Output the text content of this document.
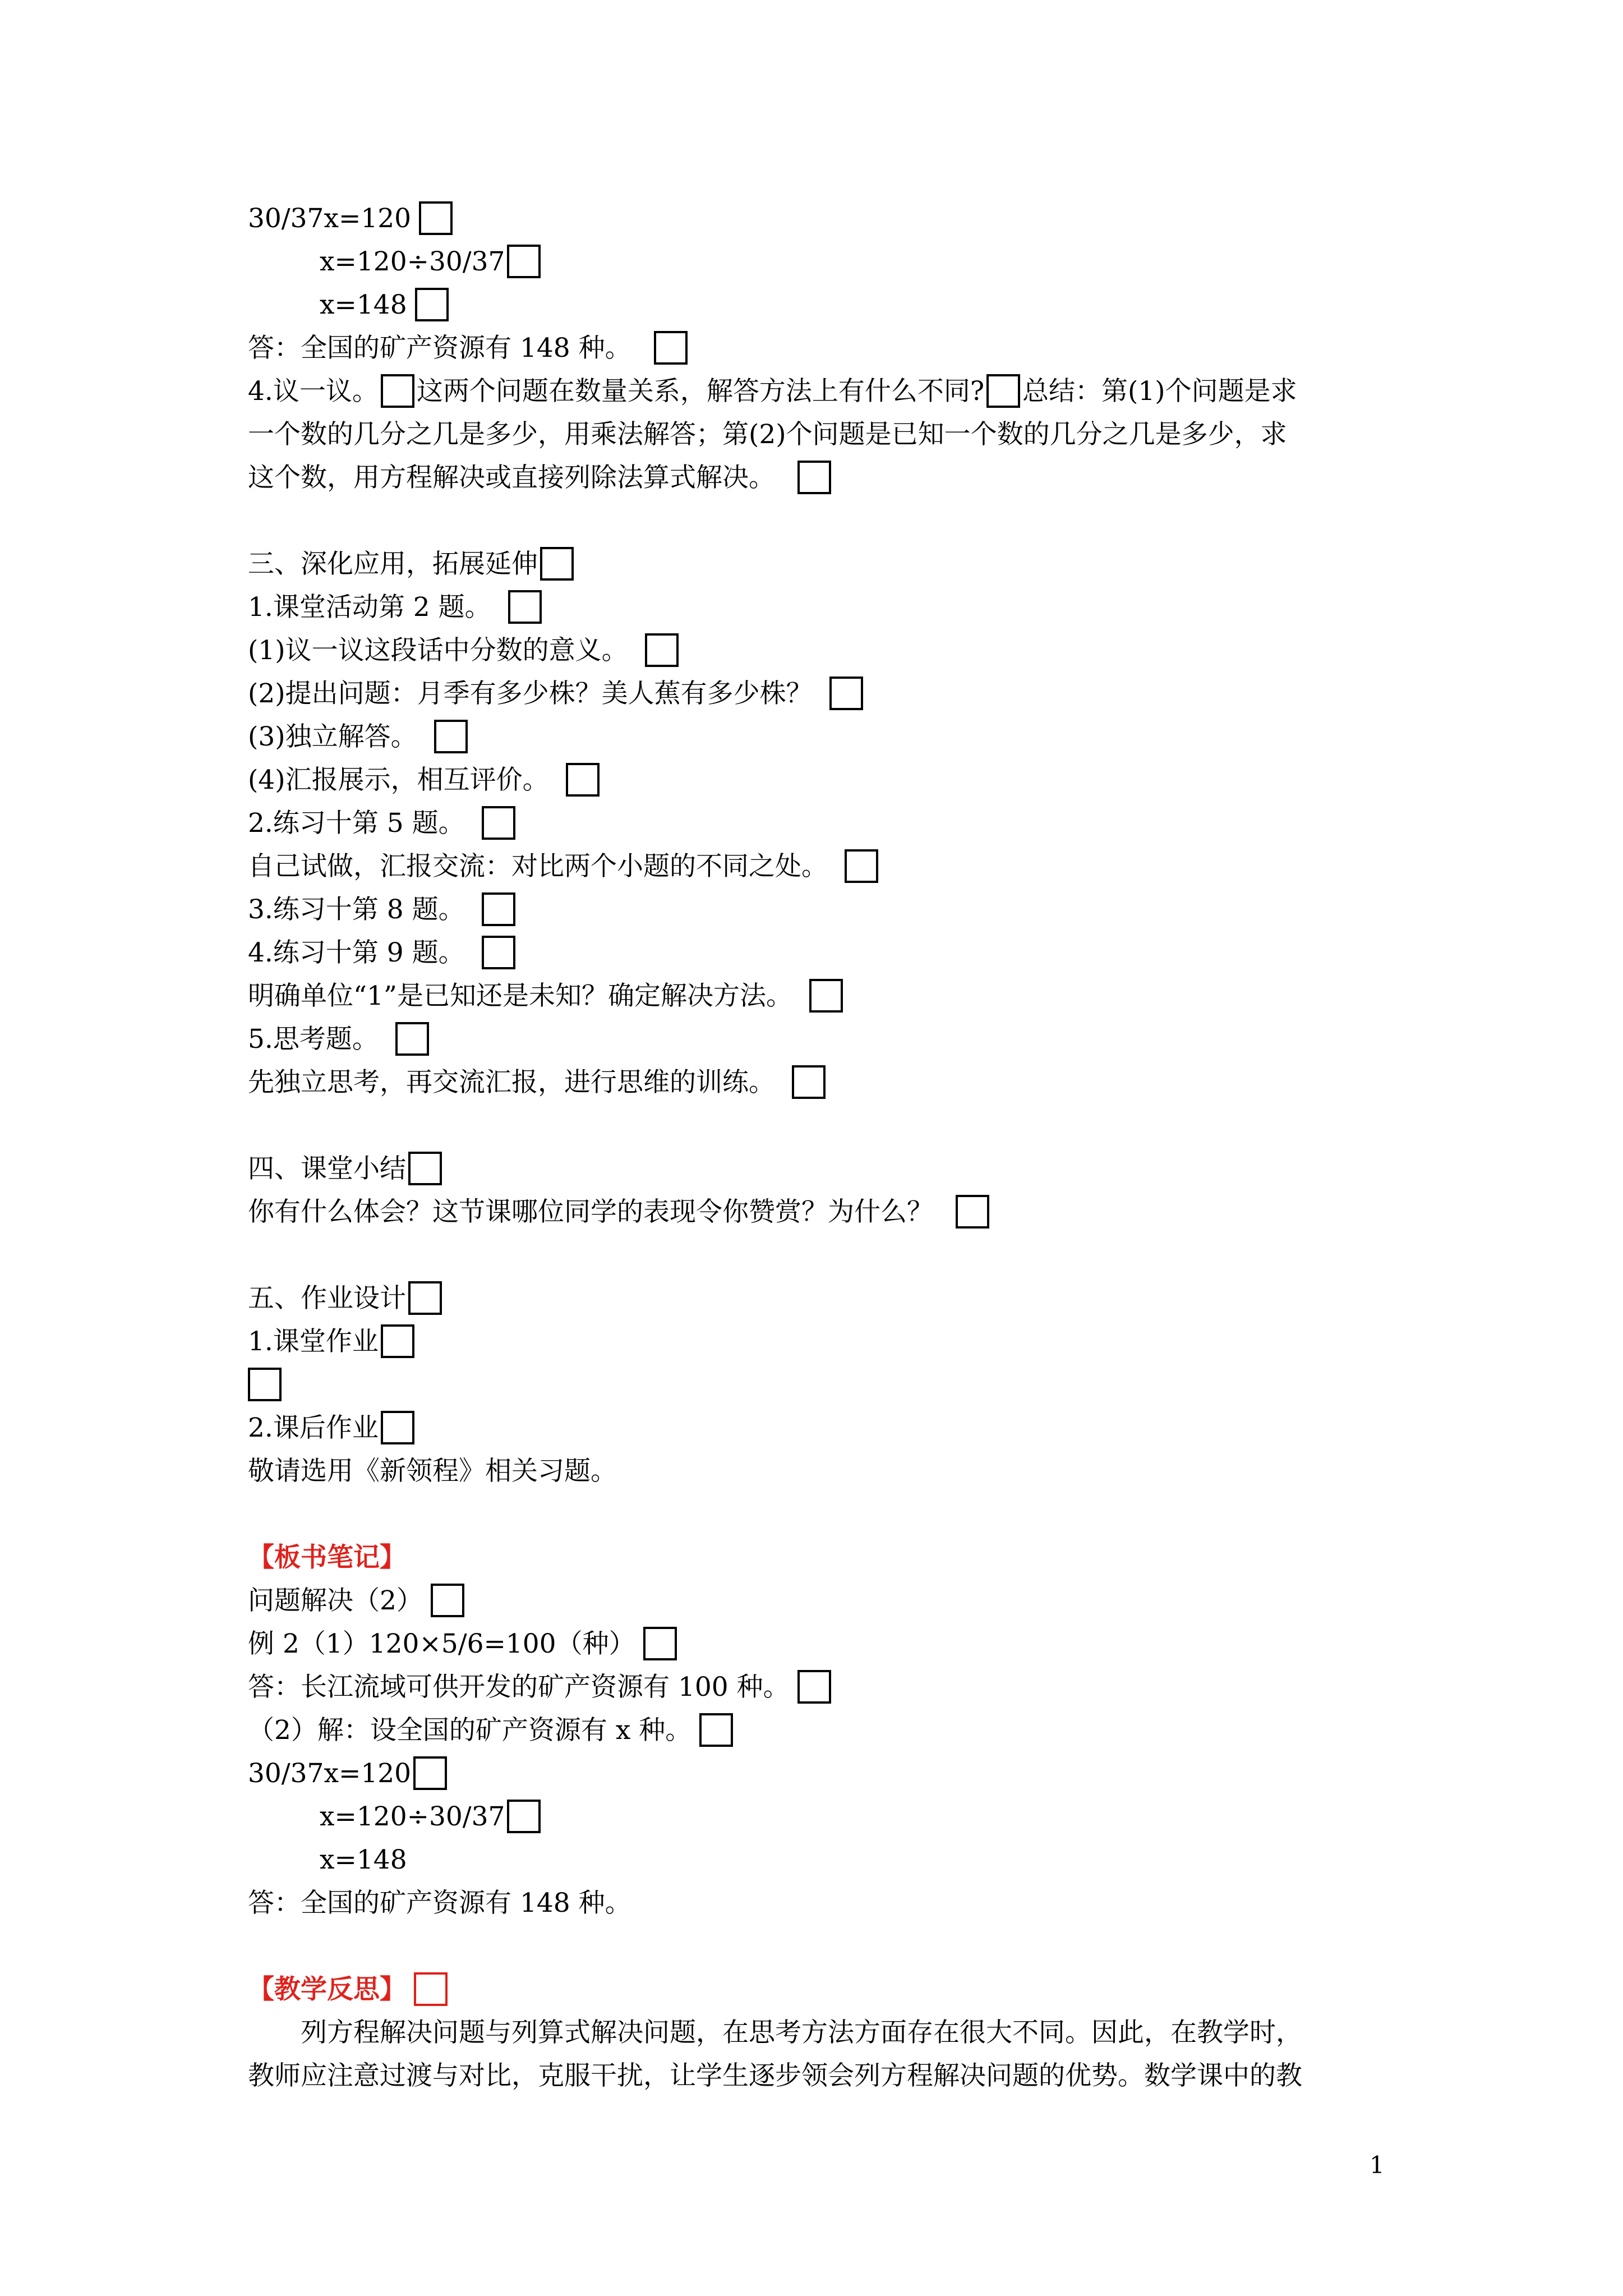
30/37x=120
x=120÷30/37
x=148
答：全国的矿产资源有 148 种。
4.议一议。 这两个问题在数量关系，解答方法上有什么不同? 总结：第(1)个问题是求
一个数的几分之几是多少，用乘法解答；第(2)个问题是已知一个数的几分之几是多少，求
这个数，用方程解决或直接列除法算式解决。
三、深化应用，拓展延伸
1.课堂活动第 2 题。
(1)议一议这段话中分数的意义。
(2)提出问题：月季有多少株？美人蕉有多少株？
(3)独立解答。
(4)汇报展示，相互评价。
2.练习十第 5 题。
自己试做，汇报交流：对比两个小题的不同之处。
3.练习十第 8 题。
4.练习十第 9 题。
明确单位“1”是已知还是未知？确定解决方法。
5.思考题。
先独立思考，再交流汇报，进行思维的训练。
四、课堂小结
你有什么体会？这节课哪位同学的表现令你赞赏？为什么？
五、作业设计
1.课堂作业
2.课后作业
敬请选用《新领程》相关习题。
【板书笔记】
问题解决（2）
例 2（1）120×5/6=100（种）
答：长江流域可供开发的矿产资源有 100 种。
（2）解：设全国的矿产资源有 x 种。
30/37x=120
x=120÷30/37
x=148
答：全国的矿产资源有 148 种。
【教学反思】
列方程解决问题与列算式解决问题，在思考方法方面存在很大不同。因此，在教学时，
教师应注意过渡与对比，克服干扰，让学生逐步领会列方程解决问题的优势。数学课中的教
1
